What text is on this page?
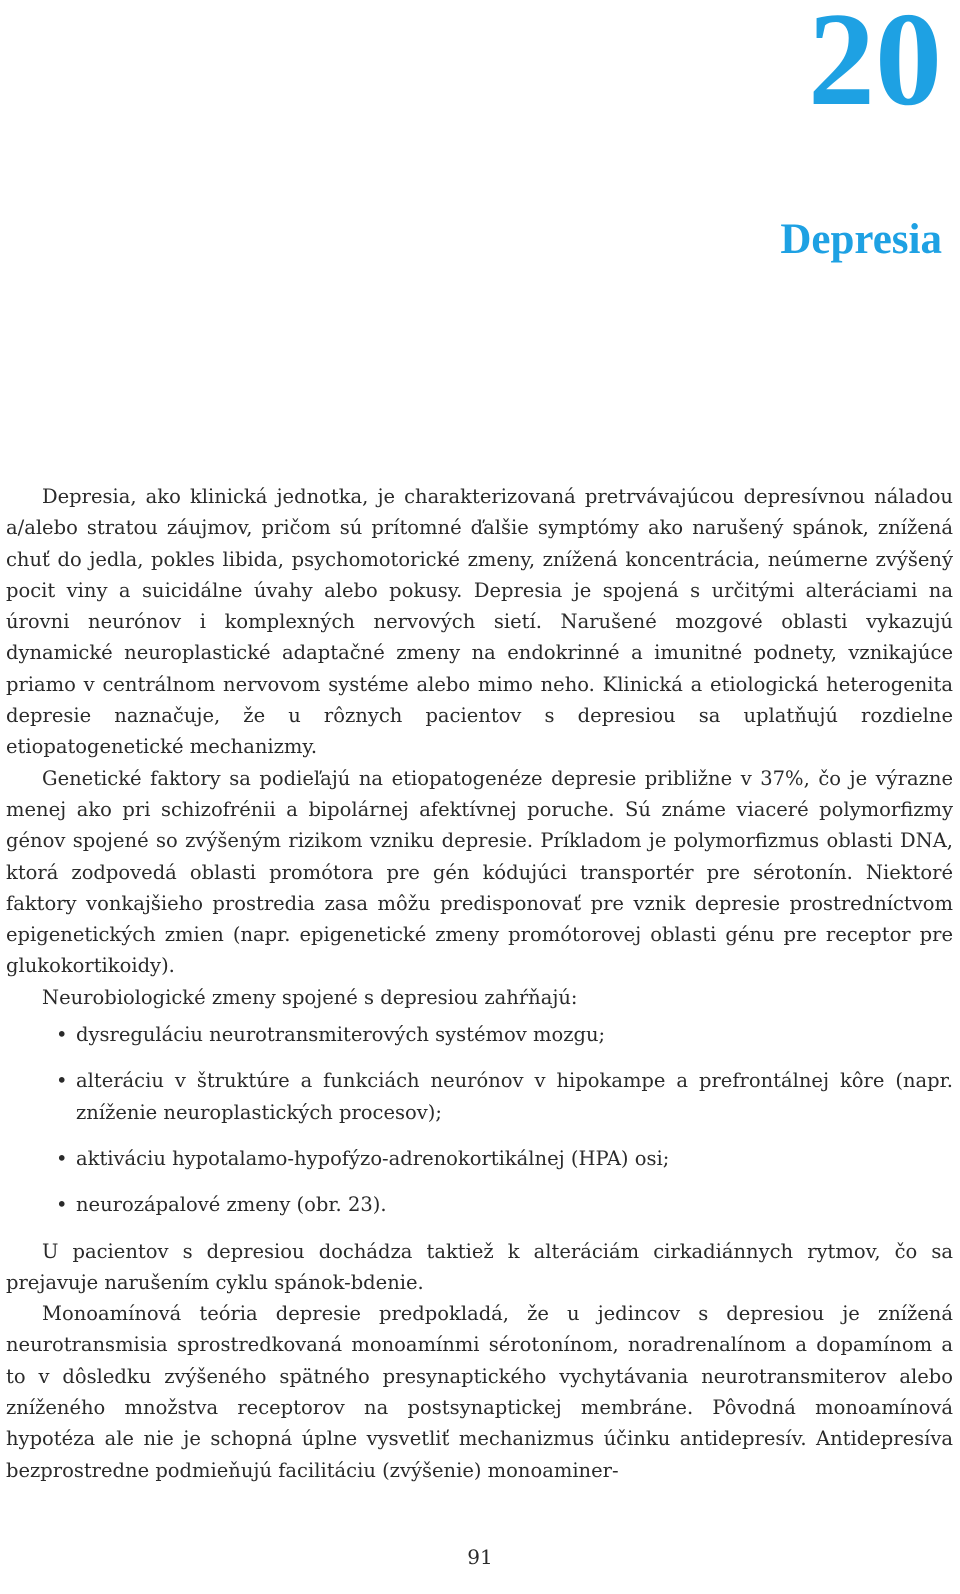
20
Depresia

Depresia, ako klinická jednotka, je charakterizovaná pretrvávajúcou depresívnou náladou a/alebo stratou záujmov, pričom sú prítomné ďalšie symptómy ako narušený spánok, znížená chuť do jedla, pokles libida, psychomotorické zmeny, znížená koncentrácia, neúmerne zvýšený pocit viny a suicidálne úvahy alebo pokusy. Depresia je spojená s určitými alteráciami na úrovni neurónov i komplexných nervových sietí. Narušené mozgové oblasti vykazujú dynamické neuroplastické adaptačné zmeny na endokrinné a imunitné podnety, vznikajúce priamo v centrálnom nervovom systéme alebo mimo neho. Klinická a etiologická heterogenita depresie naznačuje, že u rôznych pacientov s depresiou sa uplatňujú rozdielne etiopatogenetické mechanizmy.

Genetické faktory sa podieľajú na etiopatogenéze depresie približne v 37%, čo je výrazne menej ako pri schizofrénii a bipolárnej afektívnej poruche. Sú známe viaceré polymorfizmy génov spojené so zvýšeným rizikom vzniku depresie. Príkladom je polymorfizmus oblasti DNA, ktorá zodpovedá oblasti promótora pre gén kódujúci transportér pre sérotonín. Niektoré faktory vonkajšieho prostredia zasa môžu predisponovať pre vznik depresie prostredníctvom epigenetických zmien (napr. epigenetické zmeny promótorovej oblasti génu pre receptor pre glukokortikoidy).

Neurobiologické zmeny spojené s depresiou zahŕňajú:

• dysreguláciu neurotransmiterových systémov mozgu;
• alteráciu v štruktúre a funkciách neurónov v hipokampe a prefrontálnej kôre (napr. zníženie neuroplastických procesov);
• aktiváciu hypotalamo-hypofýzo-adrenokortikálnej (HPA) osi;
• neurozápalové zmeny (obr. 23).

U pacientov s depresiou dochádza taktiež k alteráciám cirkadiánnych rytmov, čo sa prejavuje narušením cyklu spánok-bdenie.

Monoamínová teória depresie predpokladá, že u jedincov s depresiou je znížená neurotransmisia sprostredkovaná monoamínmi sérotonínom, noradrenalínom a dopamínom a to v dôsledku zvýšeného spätného presynaptického vychytávania neurotransmiterov alebo zníženého množstva receptorov na postsynaptickej membráne. Pôvodná monoamínová hypotéza ale nie je schopná úplne vysvetliť mechanizmus účinku antidepresív. Antidepresíva bezprostredne podmieňujú facilitáciu (zvýšenie) monoaminer-

91
